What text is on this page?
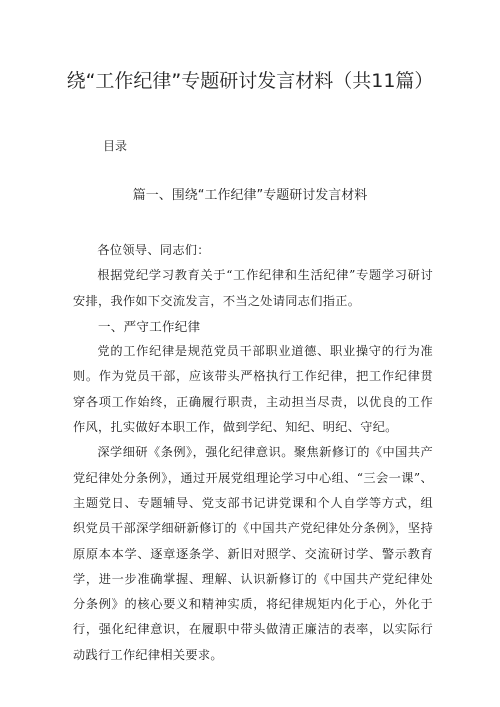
绕“工作纪律”专题研讨发言材料（共11篇）
目录
篇一、围绕“工作纪律”专题研讨发言材料

各位领导、同志们：

根据党纪学习教育关于“工作纪律和生活纪律”专题学习研讨安排，我作如下交流发言，不当之处请同志们指正。

一、严守工作纪律

党的工作纪律是规范党员干部职业道德、职业操守的行为准则。作为党员干部，应该带头严格执行工作纪律，把工作纪律贯穿各项工作始终，正确履行职责，主动担当尽责，以优良的工作作风，扎实做好本职工作，做到学纪、知纪、明纪、守纪。

深学细研《条例》，强化纪律意识。聚焦新修订的《中国共产党纪律处分条例》，通过开展党组理论学习中心组、“三会一课”、主题党日、专题辅导、党支部书记讲党课和个人自学等方式，组织党员干部深学细研新修订的《中国共产党纪律处分条例》，坚持原原本本学、逐章逐条学、新旧对照学、交流研讨学、警示教育学，进一步准确掌握、理解、认识新修订的《中国共产党纪律处分条例》的核心要义和精神实质，将纪律规矩内化于心，外化于行，强化纪律意识，在履职中带头做清正廉洁的表率，以实际行动践行工作纪律相关要求。
